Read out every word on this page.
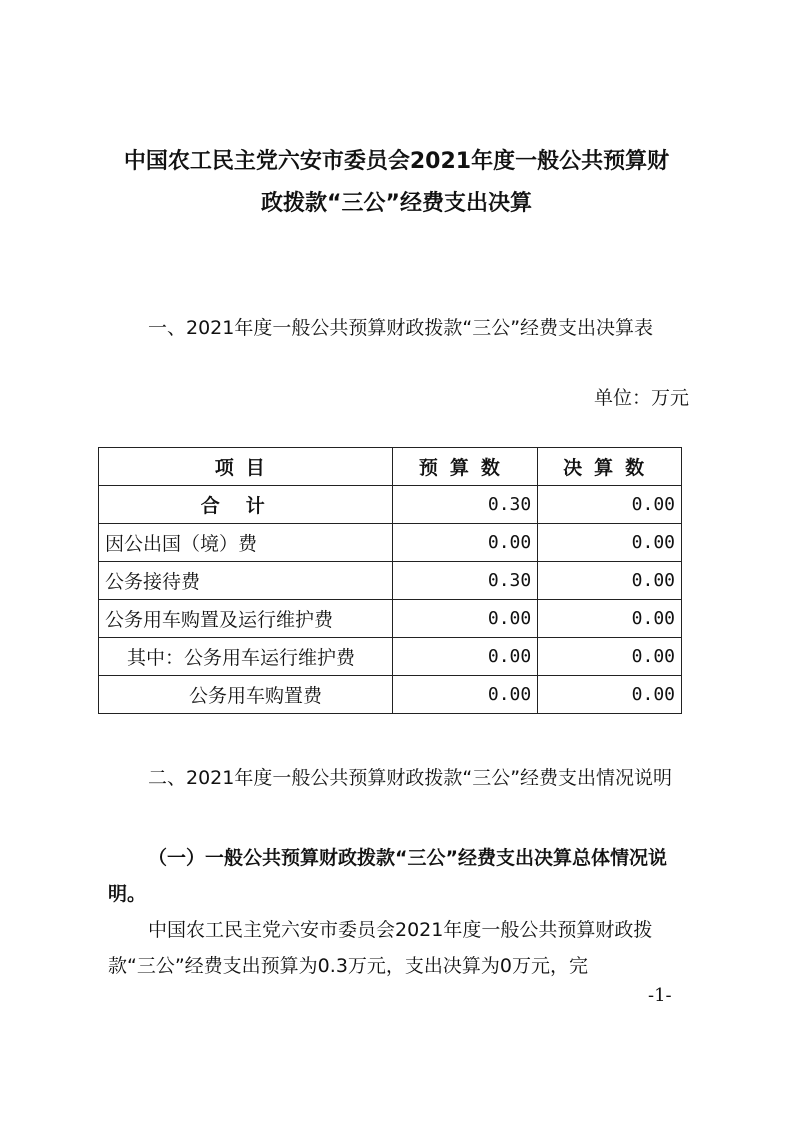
中国农工民主党六安市委员会2021年度一般公共预算财
政拨款“三公”经费支出决算
一、2021年度一般公共预算财政拨款“三公”经费支出决算表
单位：万元
项目	预算数	决算数
合计	0.30	0.00
因公出国（境）费	0.00	0.00
公务接待费	0.30	0.00
公务用车购置及运行维护费	0.00	0.00
其中：公务用车运行维护费	0.00	0.00
公务用车购置费	0.00	0.00
二、2021年度一般公共预算财政拨款“三公”经费支出情况说明
（一）一般公共预算财政拨款“三公”经费支出决算总体情况说明。
中国农工民主党六安市委员会2021年度一般公共预算财政拨款“三公”经费支出预算为0.3万元，支出决算为0万元，完
-1-
